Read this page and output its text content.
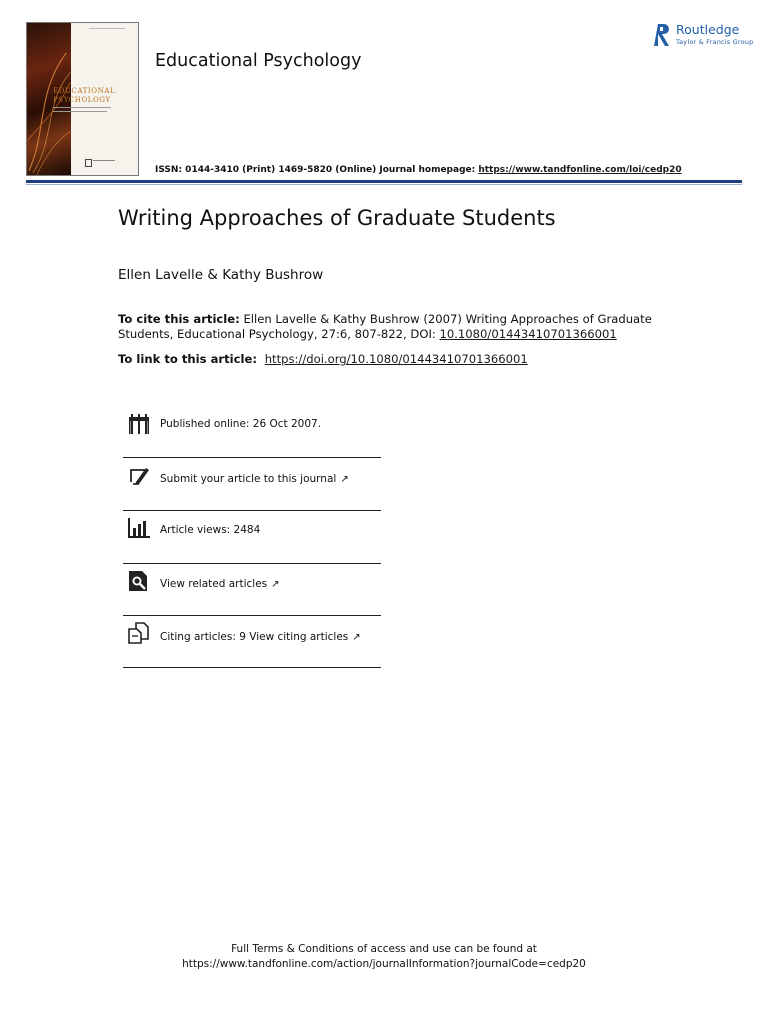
EDUCATIONAL
PSYCHOLOGY
Educational Psychology
ISSN: 0144-3410 (Print) 1469-5820 (Online) Journal homepage: https://www.tandfonline.com/loi/cedp20
Routledge
Taylor & Francis Group
Writing Approaches of Graduate Students
Ellen Lavelle & Kathy Bushrow
To cite this article: Ellen Lavelle & Kathy Bushrow (2007) Writing Approaches of Graduate Students, Educational Psychology, 27:6, 807-822, DOI: 10.1080/01443410701366001
To link to this article:  https://doi.org/10.1080/01443410701366001
Published online: 26 Oct 2007.
Submit your article to this journal ↗
Article views: 2484
View related articles ↗
Citing articles: 9 View citing articles ↗
Full Terms & Conditions of access and use can be found at
https://www.tandfonline.com/action/journalInformation?journalCode=cedp20
